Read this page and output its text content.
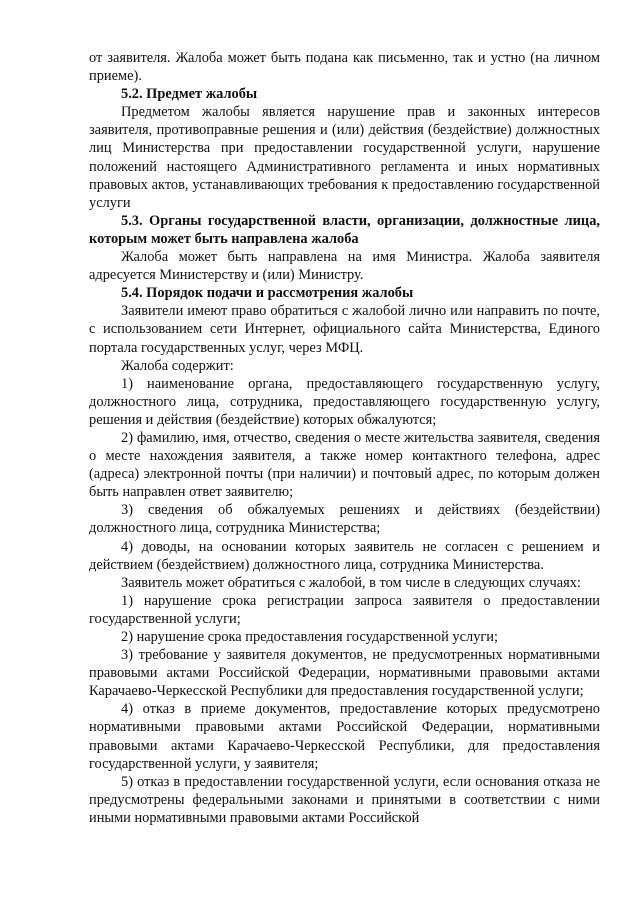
от заявителя. Жалоба может быть подана как письменно, так и устно (на личном приеме).

5.2. Предмет жалобы

Предметом жалобы является нарушение прав и законных интересов заявителя, противоправные решения и (или) действия (бездействие) должностных лиц Министерства при предоставлении государственной услуги, нарушение положений настоящего Административного регламента и иных нормативных правовых актов, устанавливающих требования к предоставлению государственной услуги

5.3. Органы государственной власти, организации, должностные лица, которым может быть направлена жалоба

Жалоба может быть направлена на имя Министра. Жалоба заявителя адресуется Министерству и (или) Министру.

5.4. Порядок подачи и рассмотрения жалобы

Заявители имеют право обратиться с жалобой лично или направить по почте, с использованием сети Интернет, официального сайта Министерства, Единого портала государственных услуг, через МФЦ.

Жалоба содержит:

1) наименование органа, предоставляющего государственную услугу, должностного лица, сотрудника, предоставляющего государственную услугу, решения и действия (бездействие) которых обжалуются;

2) фамилию, имя, отчество, сведения о месте жительства заявителя, сведения о месте нахождения заявителя, а также номер контактного телефона, адрес (адреса) электронной почты (при наличии) и почтовый адрес, по которым должен быть направлен ответ заявителю;

3) сведения об обжалуемых решениях и действиях (бездействии) должностного лица, сотрудника Министерства;

4) доводы, на основании которых заявитель не согласен с решением и действием (бездействием) должностного лица, сотрудника Министерства.

Заявитель может обратиться с жалобой, в том числе в следующих случаях:

1) нарушение срока регистрации запроса заявителя о предоставлении государственной услуги;

2) нарушение срока предоставления государственной услуги;

3) требование у заявителя документов, не предусмотренных нормативными правовыми актами Российской Федерации, нормативными правовыми актами Карачаево-Черкесской Республики для предоставления государственной услуги;

4) отказ в приеме документов, предоставление которых предусмотрено нормативными правовыми актами Российской Федерации, нормативными правовыми актами Карачаево-Черкесской Республики, для предоставления государственной услуги, у заявителя;

5) отказ в предоставлении государственной услуги, если основания отказа не предусмотрены федеральными законами и принятыми в соответствии с ними иными нормативными правовыми актами Российской
